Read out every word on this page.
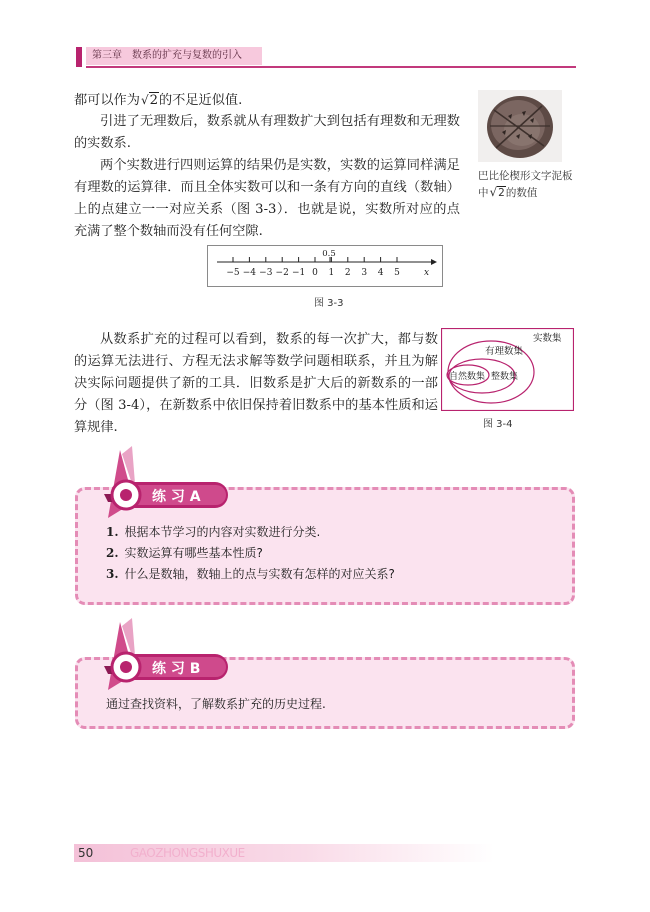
第三章　数系的扩充与复数的引入

都可以作为√2的不足近似值.

引进了无理数后，数系就从有理数扩大到包括有理数和无理数的实数系.

两个实数进行四则运算的结果仍是实数，实数的运算同样满足有理数的运算律．而且全体实数可以和一条有方向的直线（数轴）上的点建立一一对应关系（图 3-3）．也就是说，实数所对应的点充满了整个数轴而没有任何空隙.

巴比伦楔形文字泥板
中√2的数值
−5 −4 −3 −2 −1 0 1 2 3 4 5
0.5
x
图 3-3

从数系扩充的过程可以看到，数系的每一次扩大，都与数的运算无法进行、方程无法求解等数学问题相联系，并且为解决实际问题提供了新的工具．旧数系是扩大后的新数系的一部分（图 3-4），在新数系中依旧保持着旧数系中的基本性质和运算规律.

实数集
有理数集
自然数集 整数集
图 3-4
1. 根据本节学习的内容对实数进行分类.
2. 实数运算有哪些基本性质?
3. 什么是数轴，数轴上的点与实数有怎样的对应关系?
练 习 A
通过查找资料，了解数系扩充的历史过程.
练 习 B
50	GAOZHONGSHUXUE
